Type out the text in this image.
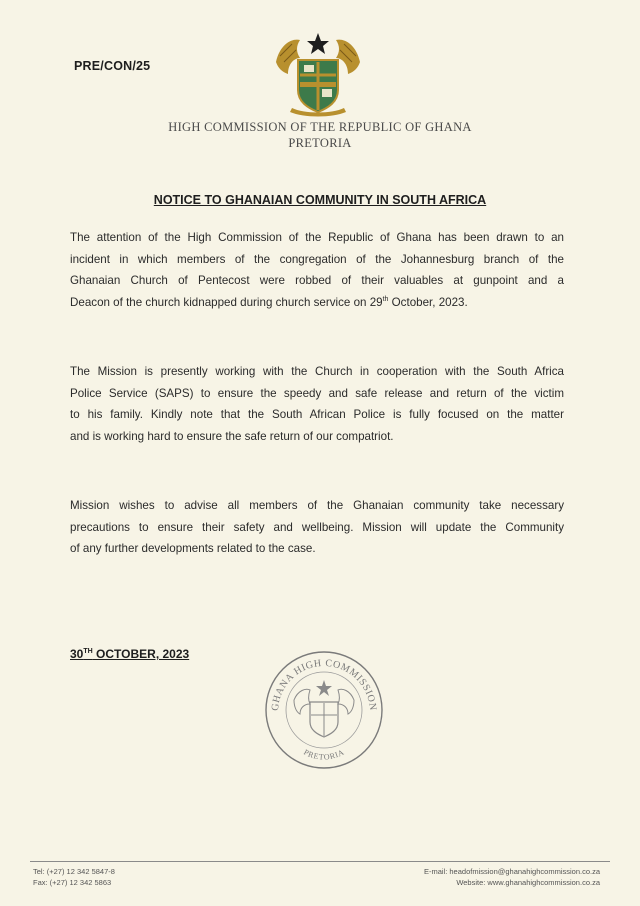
PRE/CON/25
HIGH COMMISSION OF THE REPUBLIC OF GHANA
PRETORIA
NOTICE TO GHANAIAN COMMUNITY IN SOUTH AFRICA
The attention of the High Commission of the Republic of Ghana has been drawn to an
incident in which members of the congregation of the Johannesburg branch of the
Ghanaian Church of Pentecost were robbed of their valuables at gunpoint and a
Deacon of the church kidnapped during church service on 29th October, 2023.
The Mission is presently working with the Church in cooperation with the South Africa
Police Service (SAPS) to ensure the speedy and safe release and return of the victim
to his family. Kindly note that the South African Police is fully focused on the matter
and is working hard to ensure the safe return of our compatriot.
Mission wishes to advise all members of the Ghanaian community take necessary
precautions to ensure their safety and wellbeing. Mission will update the Community
of any further developments related to the case.
30TH OCTOBER, 2023
GHANA HIGH COMMISSION
PRETORIA
Tel: (+27) 12 342 5847-8
Fax: (+27) 12 342 5863
E-mail: headofmission@ghanahighcommission.co.za
Website: www.ghanahighcommission.co.za
